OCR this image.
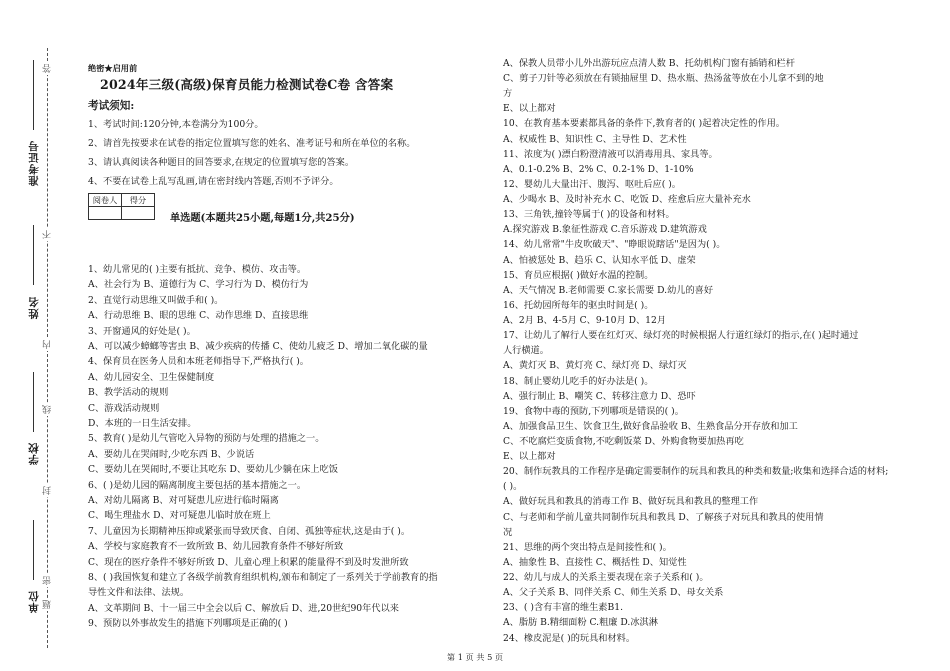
准考证号
姓名
学校
单位
答
不
内
线
封
密
题
绝密★启用前
2024年三级(高级)保育员能力检测试卷C卷 含答案
考试须知:
1、考试时间:120分钟,本卷满分为100分。
2、请首先按要求在试卷的指定位置填写您的姓名、准考证号和所在单位的名称。
3、请认真阅读各种题目的回答要求,在规定的位置填写您的答案。
4、不要在试卷上乱写乱画,请在密封线内答题,否则不予评分。
阅卷人	得分

单选题(本题共25小题,每题1分,共25分)
1、幼儿常见的( )主要有抵抗、竞争、模仿、攻击等。
A、社会行为 B、道德行为 C、学习行为 D、模仿行为
2、直觉行动思维又叫做手和( )。
A、行动思维 B、眼的思维 C、动作思维 D、直接思维
3、开窗通风的好处是( )。
A、可以减少蟑螂等害虫 B、减少疾病的传播 C、使幼儿疲乏 D、增加二氧化碳的量
4、保育员在医务人员和本班老师指导下,严格执行( )。
A、幼儿园安全、卫生保健制度
B、教学活动的规则
C、游戏活动规则
D、本班的一日生活安排。
5、教育( )是幼儿气管吃入异物的预防与处理的措施之一。
A、要幼儿在哭闹时,少吃东西 B、少说话
C、要幼儿在哭闹时,不要让其吃东 D、要幼儿少躺在床上吃饭
6、( )是幼儿园的隔离制度主要包括的基本措施之一。
A、对幼儿隔离 B、对可疑患儿应进行临时隔离
C、喝生理盐水 D、对可疑患儿临时放在班上
7、儿童因为长期精神压抑或紧张而导致厌食、自闭、孤独等症状,这是由于( )。
A、学校与家庭教育不一致所致 B、幼儿园教育条件不够好所致
C、现在的医疗条件不够好所致 D、儿童心理上积累的能量得不到及时发泄所致
8、( )我国恢复和建立了各级学前教育组织机构,颁布和制定了一系列关于学前教育的指
导性文件和法律、法规。
A、文革期间 B、十一届三中全会以后 C、解放后 D、进,20世纪90年代以来
9、预防以外事故发生的措施下列哪项是正确的( )
A、保教人员带小儿外出游玩应点清人数 B、托幼机构门窗有插销和栏杆
C、剪子刀针等必须放在有锁抽屉里 D、热水瓶、热汤盆等放在小儿拿不到的地
方
E、以上都对
10、在教育基本要素都具备的条件下,教育者的( )起着决定性的作用。
A、权威性 B、知识性 C、主导性 D、艺术性
11、浓度为( )漂白粉澄清液可以消毒用具、家具等。
A、0.1-0.2% B、2% C、0.2-1% D、1-10%
12、婴幼儿大量出汗、腹泻、呕吐后应( )。
A、少喝水 B、及时补充水 C、吃饭 D、痊愈后应大量补充水
13、三角铁,撞铃等属于( )的设备和材料。
A.探究游戏 B.象征性游戏 C.音乐游戏 D.建筑游戏
14、幼儿常常"牛皮吹破天"、"睁眼说瞎话"是因为( )。
A、怕被惩处 B、趋乐 C、认知水平低 D、虚荣
15、育员应根据( )做好水温的控制。
A、天气情况 B.老师需要 C.家长需要 D.幼儿的喜好
16、托幼园所每年的驱虫时间是( )。
A、2月 B、4-5月 C、9-10月 D、12月
17、让幼儿了解行人要在红灯灭、绿灯亮的时候根据人行道红绿灯的指示,在( )起时通过
人行横道。
A、黄灯灭 B、黄灯亮 C、绿灯亮 D、绿灯灭
18、制止婴幼儿吃手的好办法是( )。
A、强行制止 B、嘲笑 C、转移注意力 D、恐吓
19、食物中毒的预防,下列哪项是错误的( )。
A、加强食品卫生、饮食卫生,做好食品验收 B、生熟食品分开存放和加工
C、不吃腐烂变质食物,不吃剩饭菜 D、外购食物要加热再吃
E、以上都对
20、制作玩教具的工作程序是确定需要制作的玩具和教具的种类和数量;收集和选择合适的材料;
( )。
A、做好玩具和教具的消毒工作 B、做好玩具和教具的整理工作
C、与老师和学前儿童共同制作玩具和教具 D、了解孩子对玩具和教具的使用情
况
21、思维的两个突出特点是间接性和( )。
A、抽象性 B、直接性 C、概括性 D、知觉性
22、幼儿与成人的关系主要表现在亲子关系和( )。
A、父子关系 B、同伴关系 C、师生关系 D、母女关系
23、( )含有丰富的维生素B1.
A、脂肪 B.精细面粉 C.粗廉 D.冰淇淋
24、橡皮泥是( )的玩具和材料。
第 1 页 共 5 页
